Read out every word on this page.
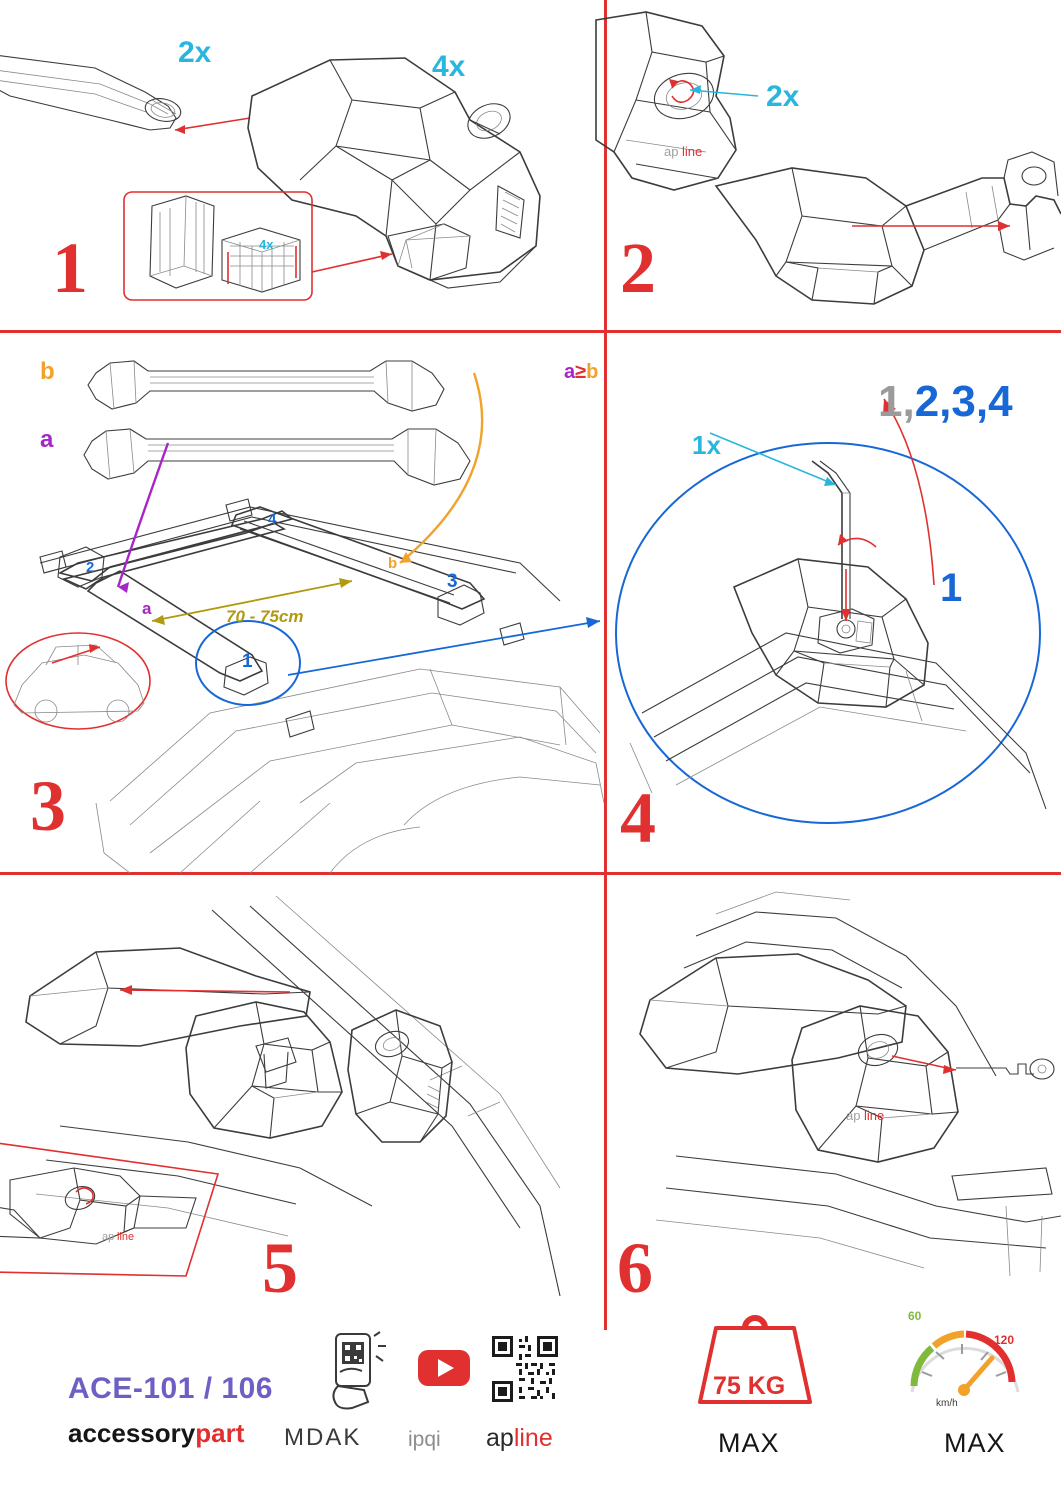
2x	4x
4x
1
ap line
2x
2
b
a
a≥b
70 - 75cm
a
b
1
2
3
4
3
1x
1,2,3,4
1
4
ap line 5
ap line
6
ACE-101 / 106
accessorypart MDAK ipqi apline
75 KG
MAX
60
120
km/h
MAX
